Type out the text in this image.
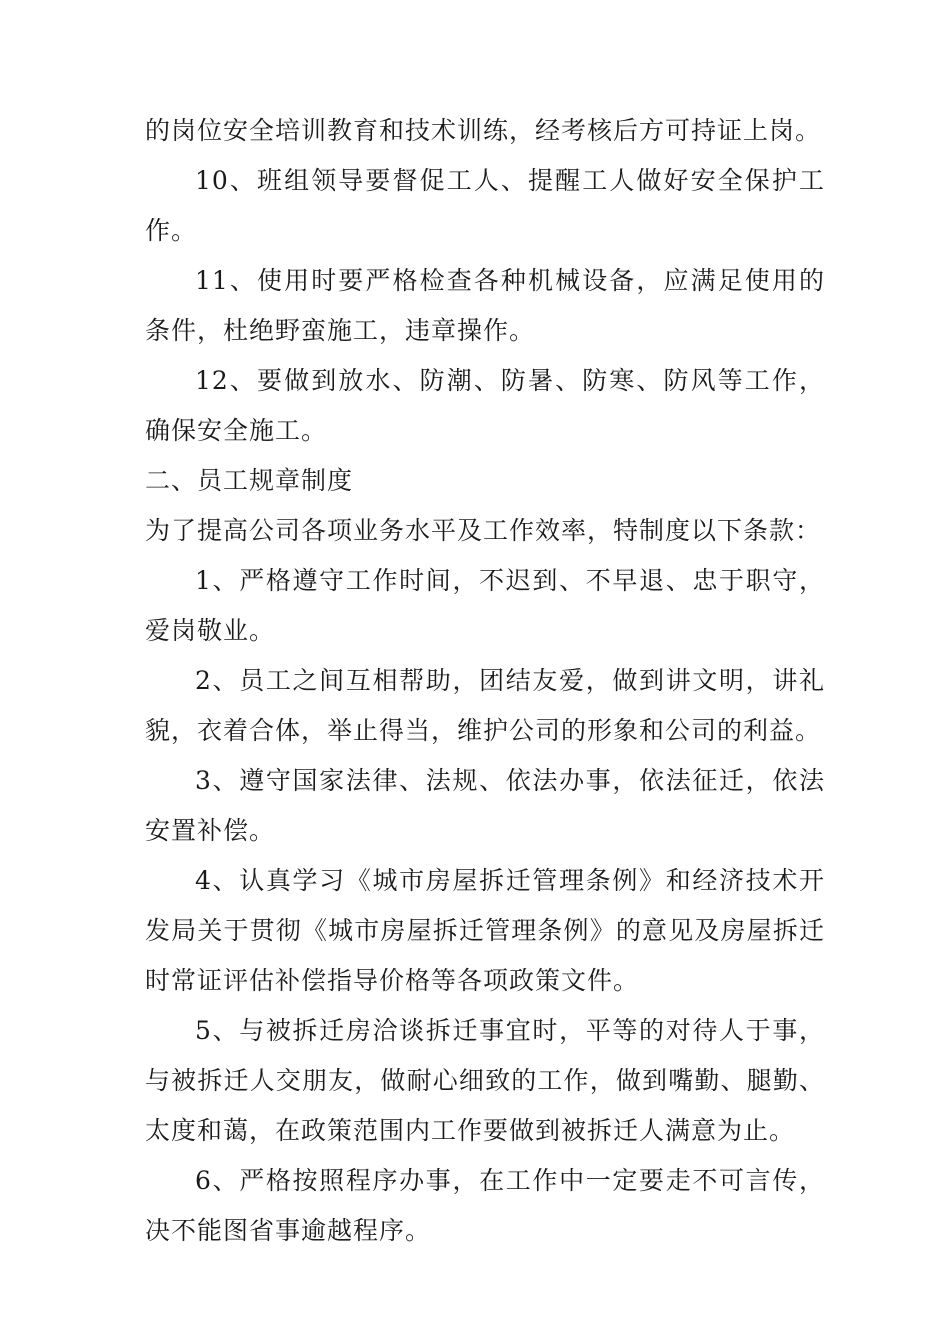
的岗位安全培训教育和技术训练，经考核后方可持证上岗。

10、班组领导要督促工人、提醒工人做好安全保护工作。

11、使用时要严格检查各种机械设备，应满足使用的条件，杜绝野蛮施工，违章操作。

12、要做到放水、防潮、防暑、防寒、防风等工作，确保安全施工。

二、员工规章制度

为了提高公司各项业务水平及工作效率，特制度以下条款：

1、严格遵守工作时间，不迟到、不早退、忠于职守，爱岗敬业。

2、员工之间互相帮助，团结友爱，做到讲文明，讲礼貌，衣着合体，举止得当，维护公司的形象和公司的利益。

3、遵守国家法律、法规、依法办事，依法征迁，依法安置补偿。

4、认真学习《城市房屋拆迁管理条例》和经济技术开发局关于贯彻《城市房屋拆迁管理条例》的意见及房屋拆迁时常证评估补偿指导价格等各项政策文件。

5、与被拆迁房洽谈拆迁事宜时，平等的对待人于事，与被拆迁人交朋友，做耐心细致的工作，做到嘴勤、腿勤、太度和蔼，在政策范围内工作要做到被拆迁人满意为止。

6、严格按照程序办事，在工作中一定要走不可言传，决不能图省事逾越程序。
